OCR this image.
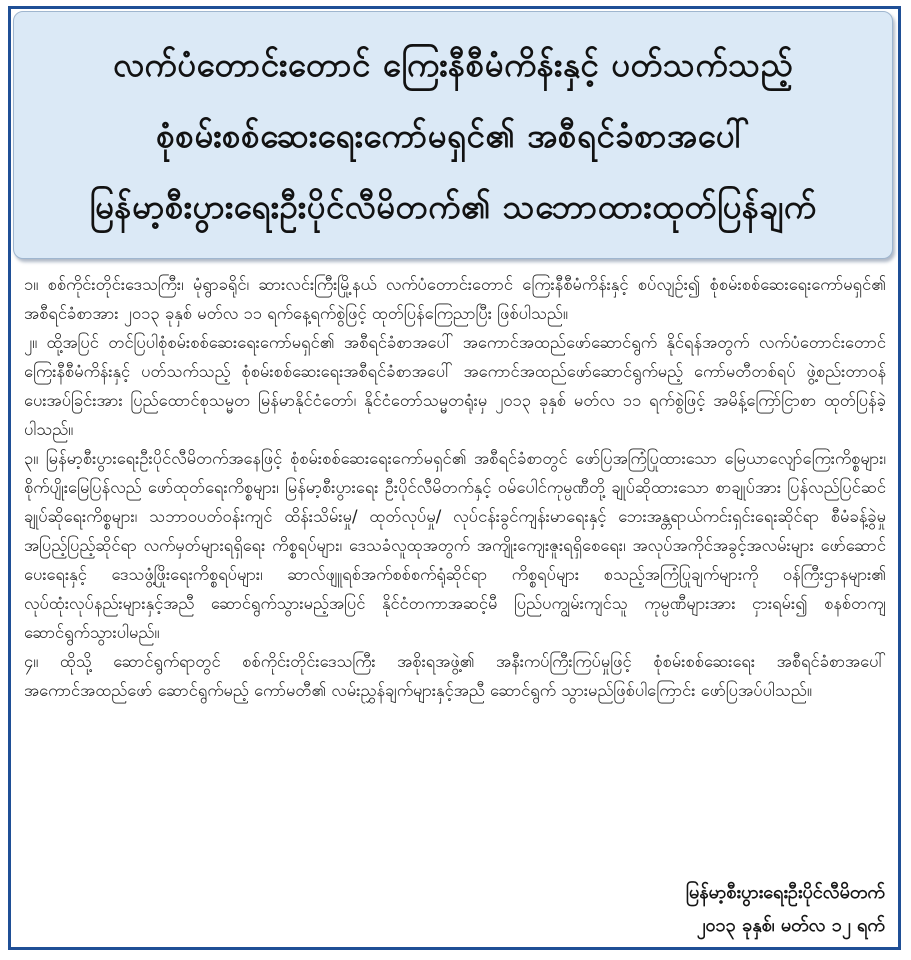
လက်ပံတောင်းတောင် ကြေးနီစီမံကိန်းနှင့် ပတ်သက်သည့်
စုံစမ်းစစ်ဆေးရေးကော်မရှင်၏ အစီရင်ခံစာအပေါ်
မြန်မာ့စီးပွားရေးဦးပိုင်လီမိတက်၏ သဘောထားထုတ်ပြန်ချက်

၁။ စစ်ကိုင်းတိုင်းဒေသကြီး၊ မုံရွာခရိုင်၊ ဆားလင်းကြီးမြို့နယ် လက်ပံတောင်းတောင် ကြေးနီစီမံကိန်းနှင့် စပ်လျဉ်း၍ စုံစမ်းစစ်ဆေးရေးကော်မရှင်၏ အစီရင်ခံစာအား ၂၀၁၃ ခုနှစ် မတ်လ ၁၁ ရက်နေ့ရက်စွဲဖြင့် ထုတ်ပြန်ကြေညာပြီး ဖြစ်ပါသည်။

၂။ ထို့အပြင် တင်ပြပါစုံစမ်းစစ်ဆေးရေးကော်မရှင်၏ အစီရင်ခံစာအပေါ် အကောင်အထည်ဖော်ဆောင်ရွက် နိုင်ရန်အတွက် လက်ပံတောင်းတောင် ကြေးနီစီမံကိန်းနှင့် ပတ်သက်သည့် စုံစမ်းစစ်ဆေးရေးအစီရင်ခံစာအပေါ် အကောင်အထည်ဖော်ဆောင်ရွက်မည့် ကော်မတီတစ်ရပ် ဖွဲ့စည်းတာဝန်ပေးအပ်ခြင်းအား ပြည်ထောင်စုသမ္မတ မြန်မာနိုင်ငံတော်၊ နိုင်ငံတော်သမ္မတရုံးမှ ၂၀၁၃ ခုနှစ် မတ်လ ၁၁ ရက်စွဲဖြင့် အမိန့်ကြော်ငြာစာ ထုတ်ပြန်ခဲ့ပါသည်။

၃။ မြန်မာ့စီးပွားရေးဦးပိုင်လီမိတက်အနေဖြင့် စုံစမ်းစစ်ဆေးရေးကော်မရှင်၏ အစီရင်ခံစာတွင် ဖော်ပြအကြံပြုထားသော မြေယာလျော်ကြေးကိစ္စများ၊ စိုက်ပျိုးမြေပြန်လည် ဖော်ထုတ်ရေးကိစ္စများ၊ မြန်မာ့စီးပွားရေး ဦးပိုင်လီမိတက်နှင့် ဝမ်ပေါင်ကုမ္ပဏီတို့ ချုပ်ဆိုထားသော စာချုပ်အား ပြန်လည်ပြင်ဆင်ချုပ်ဆိုရေးကိစ္စများ၊ သဘာဝပတ်ဝန်းကျင် ထိန်းသိမ်းမှု/ ထုတ်လုပ်မှု/ လုပ်ငန်းခွင်ကျန်းမာရေးနှင့် ဘေးအန္တရာယ်ကင်းရှင်းရေးဆိုင်ရာ စီမံခန့်ခွဲမှု အပြည့်ပြည့်ဆိုင်ရာ လက်မှတ်များရရှိရေး ကိစ္စရပ်များ၊ ဒေသခံလူထုအတွက် အကျိုးကျေးဇူးရရှိစေရေး၊ အလုပ်အကိုင်အခွင့်အလမ်းများ ဖော်ဆောင်ပေးရေးနှင့် ဒေသဖွံ့ဖြိုးရေးကိစ္စရပ်များ၊ ဆာလ်ဖျူရစ်အက်စစ်စက်ရုံဆိုင်ရာ ကိစ္စရပ်များ စသည့်အကြံပြုချက်များကို ဝန်ကြီးဌာနများ၏ လုပ်ထုံးလုပ်နည်းများနှင့်အညီ ဆောင်ရွက်သွားမည့်အပြင် နိုင်ငံတကာအဆင့်မီ ပြည်ပကျွမ်းကျင်သူ ကုမ္ပဏီများအား ငှားရမ်း၍ စနစ်တကျ ဆောင်ရွက်သွားပါမည်။

၄။ ထိုသို့ ဆောင်ရွက်ရာတွင် စစ်ကိုင်းတိုင်းဒေသကြီး အစိုးရအဖွဲ့၏ အနီးကပ်ကြီးကြပ်မှုဖြင့် စုံစမ်းစစ်ဆေးရေး အစီရင်ခံစာအပေါ် အကောင်အထည်ဖော် ဆောင်ရွက်မည့် ကော်မတီ၏ လမ်းညွှန်ချက်များနှင့်အညီ ဆောင်ရွက် သွားမည်ဖြစ်ပါကြောင်း ဖော်ပြအပ်ပါသည်။

မြန်မာ့စီးပွားရေးဦးပိုင်လီမိတက်
၂၀၁၃ ခုနှစ်၊ မတ်လ ၁၂ ရက်
